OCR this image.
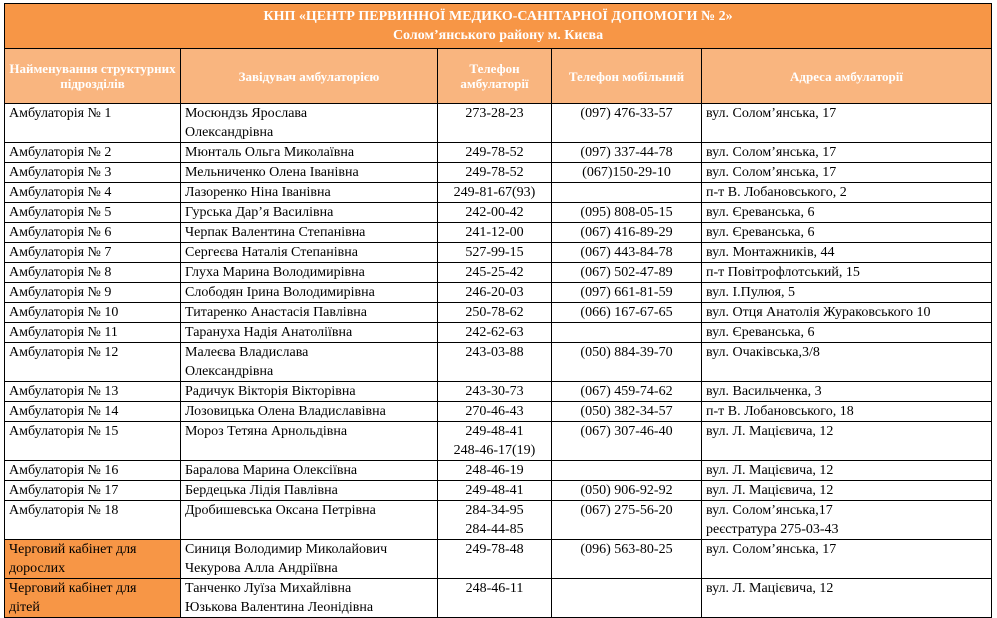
КНП «ЦЕНТР ПЕРВИННОЇ МЕДИКО-САНІТАРНОЇ ДОПОМОГИ № 2»
Солом’янського району м. Києва				

Найменування структурних підрозділів	Завідувач амбулаторією	Телефон амбулаторії	Телефон мобільний	Адреса амбулаторії

Амбулаторія № 1	Мосюндзь Ярослава
Олександрівна	273-28-23	(097) 476-33-57	вул. Солом’янська, 17

Амбулаторія № 2	Мюнталь Ольга Миколаївна	249-78-52	(097) 337-44-78	вул. Солом’янська, 17

Амбулаторія № 3	Мельниченко Олена Іванівна	249-78-52	(067)150-29-10	вул. Солом’янська, 17

Амбулаторія № 4	Лазоренко Ніна Іванівна	249-81-67(93)		п-т В. Лобановського, 2

Амбулаторія № 5	Гурська Дар’я Василівна	242-00-42	(095) 808-05-15	вул. Єреванська, 6

Амбулаторія № 6	Черпак Валентина Степанівна	241-12-00	(067) 416-89-29	вул. Єреванська, 6

Амбулаторія № 7	Сергеєва Наталія Степанівна	527-99-15	(067) 443-84-78	вул. Монтажників, 44

Амбулаторія № 8	Глуха Марина Володимирівна	245-25-42	(067) 502-47-89	п-т Повітрофлотський, 15

Амбулаторія № 9	Слободян Ірина Володимирівна	246-20-03	(097) 661-81-59	вул. І.Пулюя, 5

Амбулаторія № 10	Титаренко Анастасія Павлівна	250-78-62	(066) 167-67-65	вул. Отця Анатолія Жураковського 10

Амбулаторія № 11	Тарануха Надія Анатоліївна	242-62-63		вул. Єреванська, 6

Амбулаторія № 12	Малеєва Владислава
Олександрівна	243-03-88	(050) 884-39-70	вул. Очаківська,3/8

Амбулаторія № 13	Радичук Вікторія Вікторівна	243-30-73	(067) 459-74-62	вул. Васильченка, 3

Амбулаторія № 14	Лозовицька Олена Владиславівна	270-46-43	(050) 382-34-57	п-т В. Лобановського, 18

Амбулаторія № 15	Мороз Тетяна Арнольдівна	249-48-41
248-46-17(19)	(067) 307-46-40	вул. Л. Мацієвича, 12

Амбулаторія № 16	Баралова Марина Олексіївна	248-46-19		вул. Л. Мацієвича, 12

Амбулаторія № 17	Бердецька Лідія Павлівна	249-48-41	(050) 906-92-92	вул. Л. Мацієвича, 12

Амбулаторія № 18	Дробишевська Оксана Петрівна	284-34-95
284-44-85	(067) 275-56-20	вул. Солом’янська,17
реєстратура 275-03-43

Черговий кабінет для
дорослих	Синиця Володимир Миколайович
Чекурова Алла Андріївна	249-78-48	(096) 563-80-25	вул. Солом’янська, 17

Черговий кабінет для
дітей	Танченко Луїза Михайлівна
Юзькова Валентина Леонідівна	248-46-11		вул. Л. Мацієвича, 12
